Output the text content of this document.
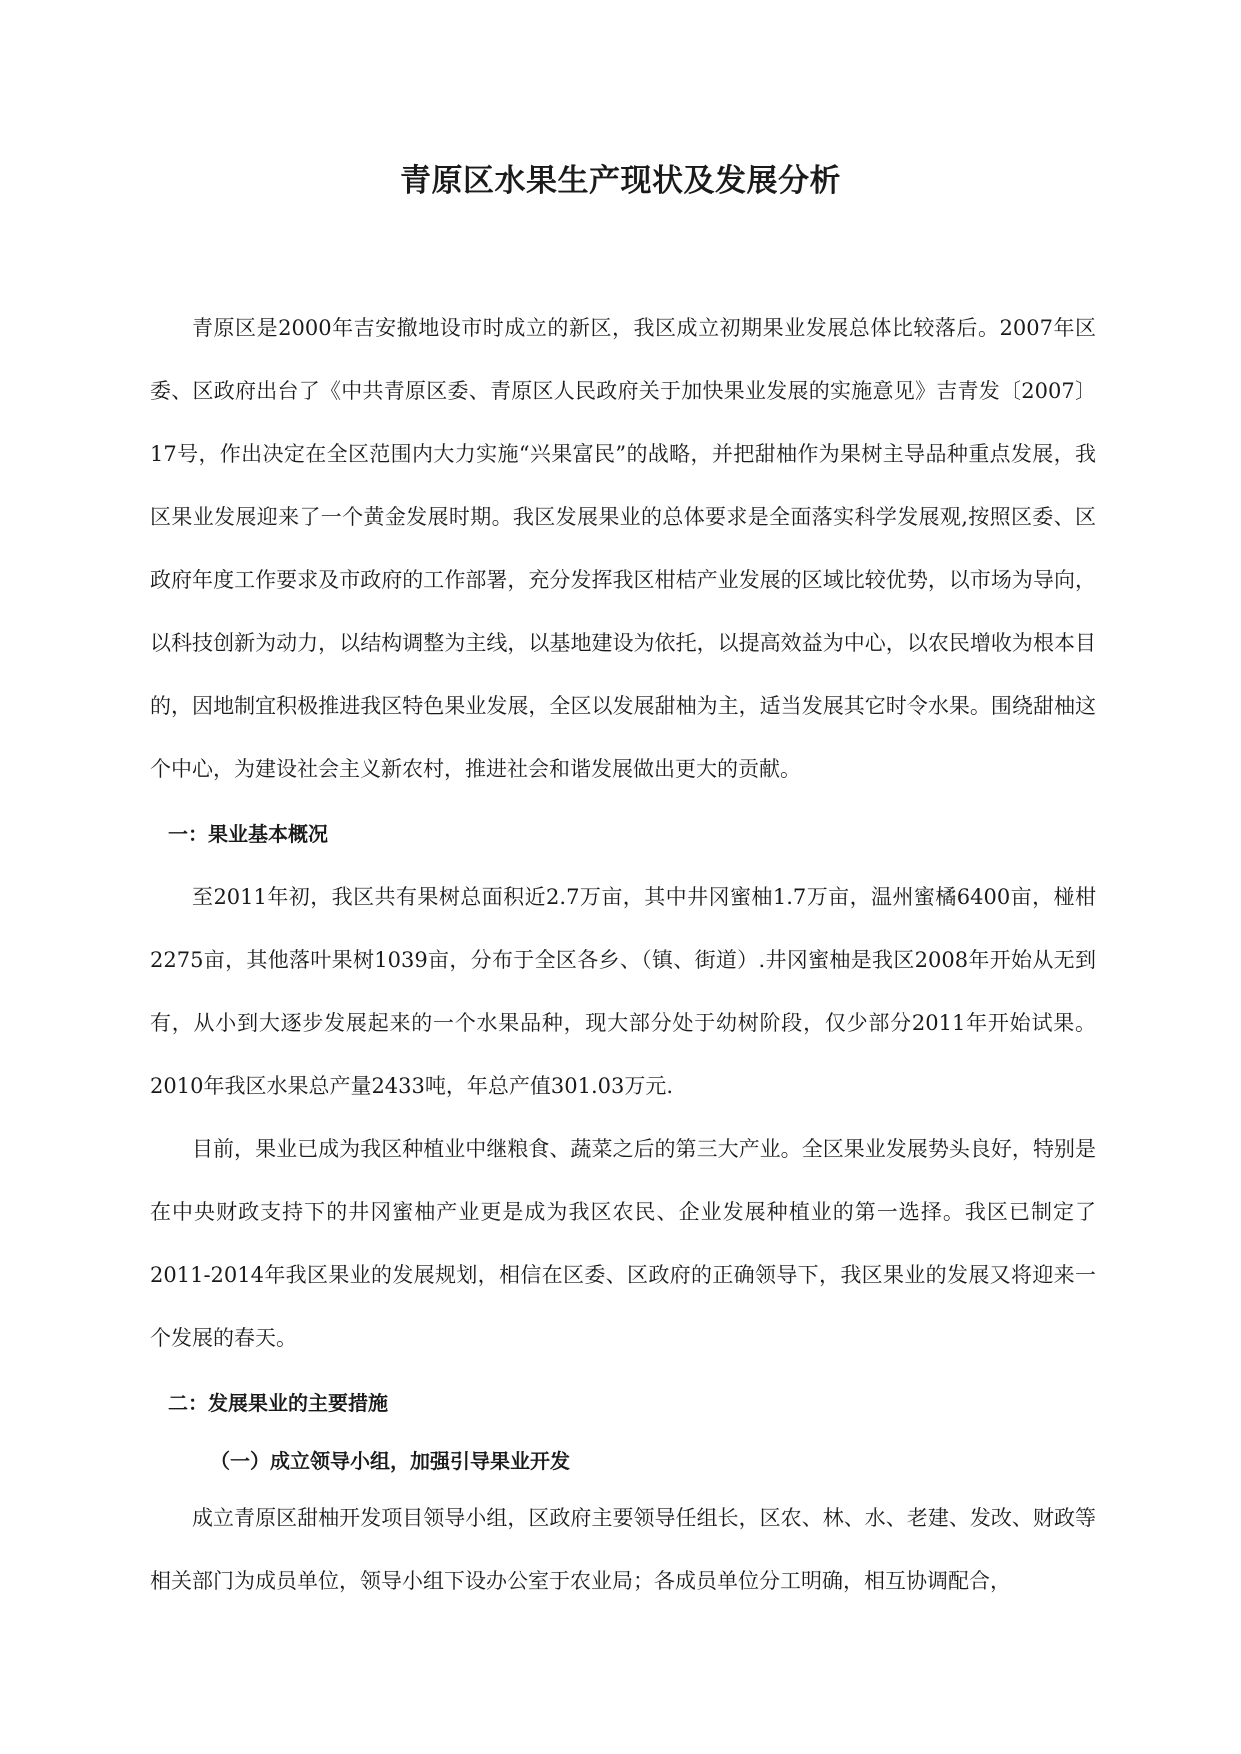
青原区水果生产现状及发展分析

青原区是2000年吉安撤地设市时成立的新区，我区成立初期果业发展总体比较落后。2007年区委、区政府出台了《中共青原区委、青原区人民政府关于加快果业发展的实施意见》吉青发〔2007〕17号，作出决定在全区范围内大力实施“兴果富民”的战略，并把甜柚作为果树主导品种重点发展，我区果业发展迎来了一个黄金发展时期。我区发展果业的总体要求是全面落实科学发展观,按照区委、区政府年度工作要求及市政府的工作部署，充分发挥我区柑桔产业发展的区域比较优势，以市场为导向，以科技创新为动力，以结构调整为主线，以基地建设为依托，以提高效益为中心，以农民增收为根本目的，因地制宜积极推进我区特色果业发展，全区以发展甜柚为主，适当发展其它时令水果。围绕甜柚这个中心，为建设社会主义新农村，推进社会和谐发展做出更大的贡献。

一：果业基本概况

至2011年初，我区共有果树总面积近2.7万亩，其中井冈蜜柚1.7万亩，温州蜜橘6400亩，椪柑2275亩，其他落叶果树1039亩，分布于全区各乡、（镇、街道）.井冈蜜柚是我区2008年开始从无到有，从小到大逐步发展起来的一个水果品种，现大部分处于幼树阶段，仅少部分2011年开始试果。2010年我区水果总产量2433吨，年总产值301.03万元.

目前，果业已成为我区种植业中继粮食、蔬菜之后的第三大产业。全区果业发展势头良好，特别是在中央财政支持下的井冈蜜柚产业更是成为我区农民、企业发展种植业的第一选择。我区已制定了2011-2014年我区果业的发展规划，相信在区委、区政府的正确领导下，我区果业的发展又将迎来一个发展的春天。

二：发展果业的主要措施

（一）成立领导小组，加强引导果业开发

成立青原区甜柚开发项目领导小组，区政府主要领导任组长，区农、林、水、老建、发改、财政等相关部门为成员单位，领导小组下设办公室于农业局；各成员单位分工明确，相互协调配合，
